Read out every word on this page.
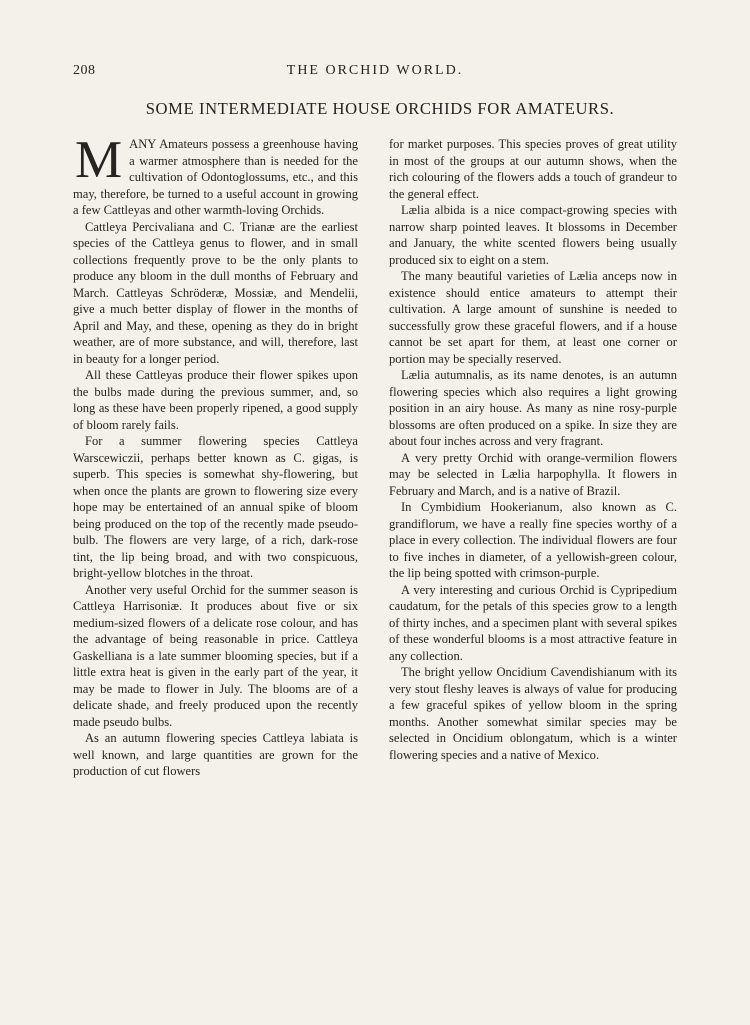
208	THE ORCHID WORLD.
SOME INTERMEDIATE HOUSE ORCHIDS FOR AMATEURS.

MANY Amateurs possess a greenhouse having a warmer atmosphere than is needed for the cultivation of Odontoglossums, etc., and this may, therefore, be turned to a useful account in growing a few Cattleyas and other warmth-loving Orchids.

Cattleya Percivaliana and C. Trianæ are the earliest species of the Cattleya genus to flower, and in small collections frequently prove to be the only plants to produce any bloom in the dull months of February and March. Cattleyas Schröderæ, Mossiæ, and Mendelii, give a much better display of flower in the months of April and May, and these, opening as they do in bright weather, are of more substance, and will, therefore, last in beauty for a longer period.

All these Cattleyas produce their flower spikes upon the bulbs made during the previous summer, and, so long as these have been properly ripened, a good supply of bloom rarely fails.

For a summer flowering species Cattleya Warscewiczii, perhaps better known as C. gigas, is superb. This species is somewhat shy-flowering, but when once the plants are grown to flowering size every hope may be entertained of an annual spike of bloom being produced on the top of the recently made pseudo-bulb. The flowers are very large, of a rich, dark-rose tint, the lip being broad, and with two conspicuous, bright-yellow blotches in the throat.

Another very useful Orchid for the summer season is Cattleya Harrisoniæ. It produces about five or six medium-sized flowers of a delicate rose colour, and has the advantage of being reasonable in price. Cattleya Gaskelliana is a late summer blooming species, but if a little extra heat is given in the early part of the year, it may be made to flower in July. The blooms are of a delicate shade, and freely produced upon the recently made pseudo bulbs.

As an autumn flowering species Cattleya labiata is well known, and large quantities are grown for the production of cut flowers

for market purposes. This species proves of great utility in most of the groups at our autumn shows, when the rich colouring of the flowers adds a touch of grandeur to the general effect.

Lælia albida is a nice compact-growing species with narrow sharp pointed leaves. It blossoms in December and January, the white scented flowers being usually produced six to eight on a stem.

The many beautiful varieties of Lælia anceps now in existence should entice amateurs to attempt their cultivation. A large amount of sunshine is needed to successfully grow these graceful flowers, and if a house cannot be set apart for them, at least one corner or portion may be specially reserved.

Lælia autumnalis, as its name denotes, is an autumn flowering species which also requires a light growing position in an airy house. As many as nine rosy-purple blossoms are often produced on a spike. In size they are about four inches across and very fragrant.

A very pretty Orchid with orange-vermilion flowers may be selected in Lælia harpophylla. It flowers in February and March, and is a native of Brazil.

In Cymbidium Hookerianum, also known as C. grandiflorum, we have a really fine species worthy of a place in every collection. The individual flowers are four to five inches in diameter, of a yellowish-green colour, the lip being spotted with crimson-purple.

A very interesting and curious Orchid is Cypripedium caudatum, for the petals of this species grow to a length of thirty inches, and a specimen plant with several spikes of these wonderful blooms is a most attractive feature in any collection.

The bright yellow Oncidium Cavendishianum with its very stout fleshy leaves is always of value for producing a few graceful spikes of yellow bloom in the spring months. Another somewhat similar species may be selected in Oncidium oblongatum, which is a winter flowering species and a native of Mexico.
